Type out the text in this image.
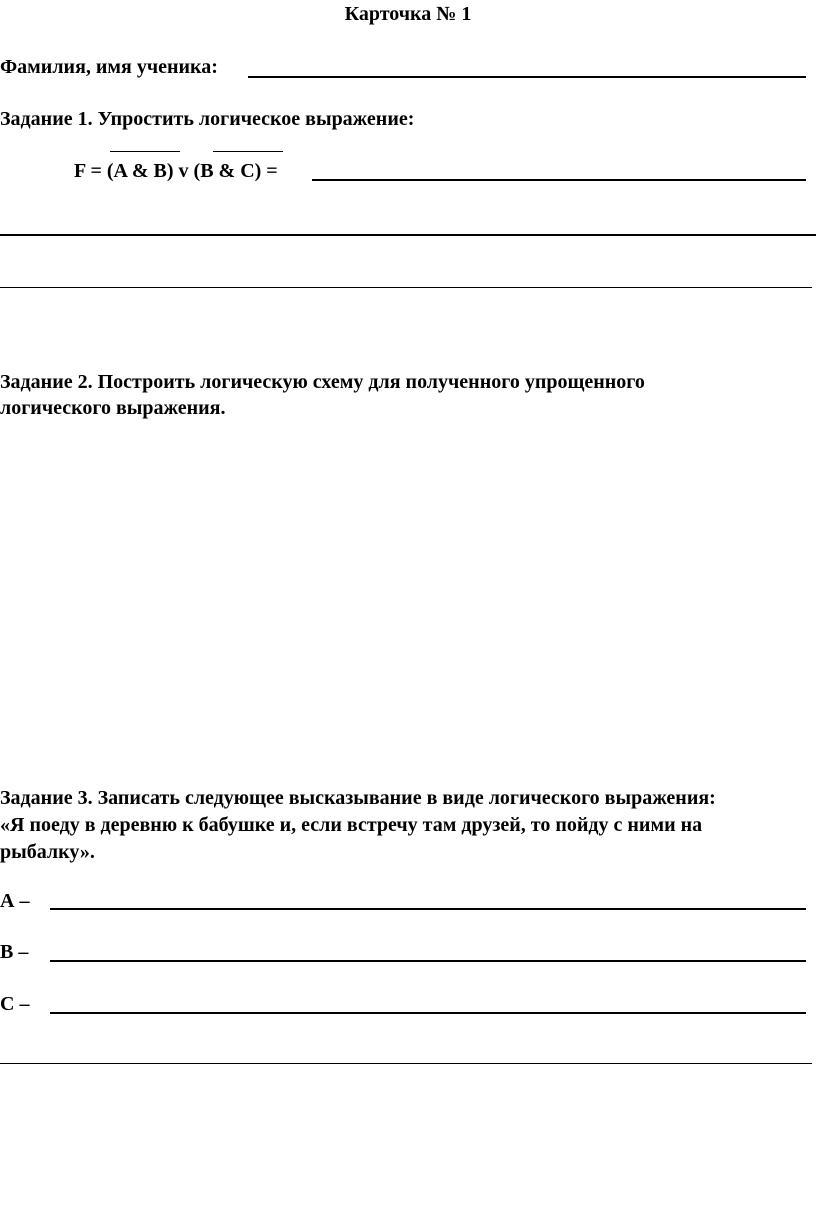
Карточка № 1
Фамилия, имя ученика:
Задание 1. Упростить логическое выражение:
F = (A & B) v (B & C) =
Задание 2. Построить логическую схему для полученного упрощенного
логического выражения.
Задание 3. Записать следующее высказывание в виде логического выражения:
«Я поеду в деревню к бабушке и, если встречу там друзей, то пойду с ними на
рыбалку».
А –
В –
С –
